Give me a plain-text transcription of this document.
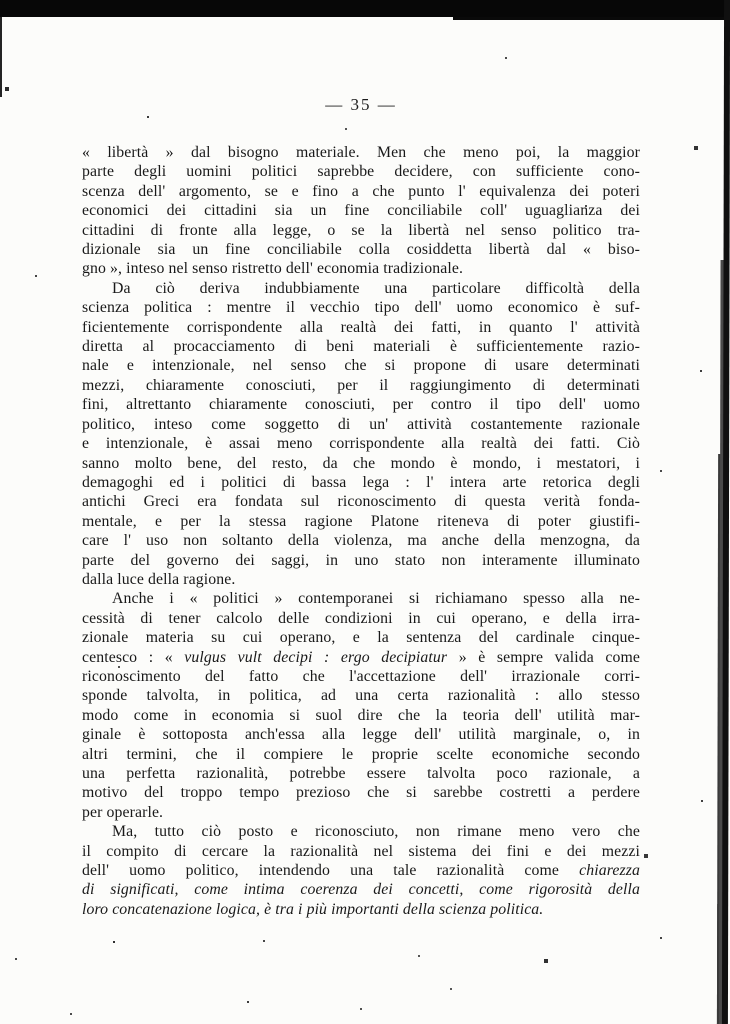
— 35 —
« libertà » dal bisogno materiale. Men che meno poi, la maggior
parte degli uomini politici saprebbe decidere, con sufficiente cono-
scenza dell' argomento, se e fino a che punto l' equivalenza dei poteri
economici dei cittadini sia un fine conciliabile coll' uguaglianza dei
cittadini di fronte alla legge, o se la libertà nel senso politico tra-
dizionale sia un fine conciliabile colla cosiddetta libertà dal « biso-
gno », inteso nel senso ristretto dell' economia tradizionale.
Da ciò deriva indubbiamente una particolare difficoltà della
scienza politica : mentre il vecchio tipo dell' uomo economico è suf-
ficientemente corrispondente alla realtà dei fatti, in quanto l' attività
diretta al procacciamento di beni materiali è sufficientemente razio-
nale e intenzionale, nel senso che si propone di usare determinati
mezzi, chiaramente conosciuti, per il raggiungimento di determinati
fini, altrettanto chiaramente conosciuti, per contro il tipo dell' uomo
politico, inteso come soggetto di un' attività costantemente razionale
e intenzionale, è assai meno corrispondente alla realtà dei fatti. Ciò
sanno molto bene, del resto, da che mondo è mondo, i mestatori, i
demagoghi ed i politici di bassa lega : l' intera arte retorica degli
antichi Greci era fondata sul riconoscimento di questa verità fonda-
mentale, e per la stessa ragione Platone riteneva di poter giustifi-
care l' uso non soltanto della violenza, ma anche della menzogna, da
parte del governo dei saggi, in uno stato non interamente illuminato
dalla luce della ragione.
Anche i « politici » contemporanei si richiamano spesso alla ne-
cessità di tener calcolo delle condizioni in cui operano, e della irra-
zionale materia su cui operano, e la sentenza del cardinale cinque-
centesco : « vulgus vult decipi : ergo decipiatur » è sempre valida come
riconoscimento del fatto che l'accettazione dell' irrazionale corri-
sponde talvolta, in politica, ad una certa razionalità : allo stesso
modo come in economia si suol dire che la teoria dell' utilità mar-
ginale è sottoposta anch'essa alla legge dell' utilità marginale, o, in
altri termini, che il compiere le proprie scelte economiche secondo
una perfetta razionalità, potrebbe essere talvolta poco razionale, a
motivo del troppo tempo prezioso che si sarebbe costretti a perdere
per operarle.
Ma, tutto ciò posto e riconosciuto, non rimane meno vero che
il compito di cercare la razionalità nel sistema dei fini e dei mezzi
dell' uomo politico, intendendo una tale razionalità come chiarezza
di significati, come intima coerenza dei concetti, come rigorosità della
loro concatenazione logica, è tra i più importanti della scienza politica.
